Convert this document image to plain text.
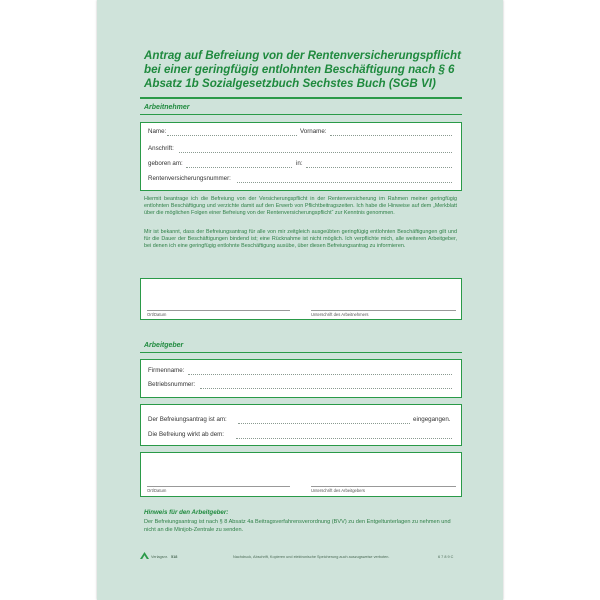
Antrag auf Befreiung von der Rentenversicherungspflicht bei einer geringfügig entlohnten Beschäftigung nach § 6 Absatz 1b Sozialgesetzbuch Sechstes Buch (SGB VI)
Arbeitnehmer
Name:	Vorname:
Anschrift:
geboren am:	in:
Rentenversicherungsnummer:
Hiermit beantrage ich die Befreiung von der Versicherungspflicht in der Rentenversicherung im Rahmen meiner geringfügig entlohnten Beschäftigung und verzichte damit auf den Erwerb von Pflichtbeitragszeiten. Ich habe die Hinweise auf dem „Merkblatt über die möglichen Folgen einer Befreiung von der Rentenversicherungspflicht“ zur Kenntnis genommen.
Mir ist bekannt, dass der Befreiungsantrag für alle von mir zeitgleich ausgeübten geringfügig entlohnten Beschäftigungen gilt und für die Dauer der Beschäftigungen bindend ist; eine Rücknahme ist nicht möglich. Ich verpflichte mich, alle weiteren Arbeitgeber, bei denen ich eine geringfügig entlohnte Beschäftigung ausübe, über diesen Befreiungsantrag zu informieren.
Ort/Datum	Unterschrift des Arbeitnehmers
Arbeitgeber
Firmenname:
Betriebsnummer:
Der Befreiungsantrag ist am:	eingegangen.
Die Befreiung wirkt ab dem:
Ort/Datum	Unterschrift des Arbeitgebers
Hinweis für den Arbeitgeber:
Der Befreiungsantrag ist nach § 8 Absatz 4a Beitragsverfahrensverordnung (BVV) zu den Entgeltunterlagen zu nehmen und nicht an die Minijob-Zentrale zu senden.
Verlagsnr. 518	Nachdruck, Abschrift, Kopieren und elektronische Speicherung auch auszugsweise verboten.	6 7 8 9 C
